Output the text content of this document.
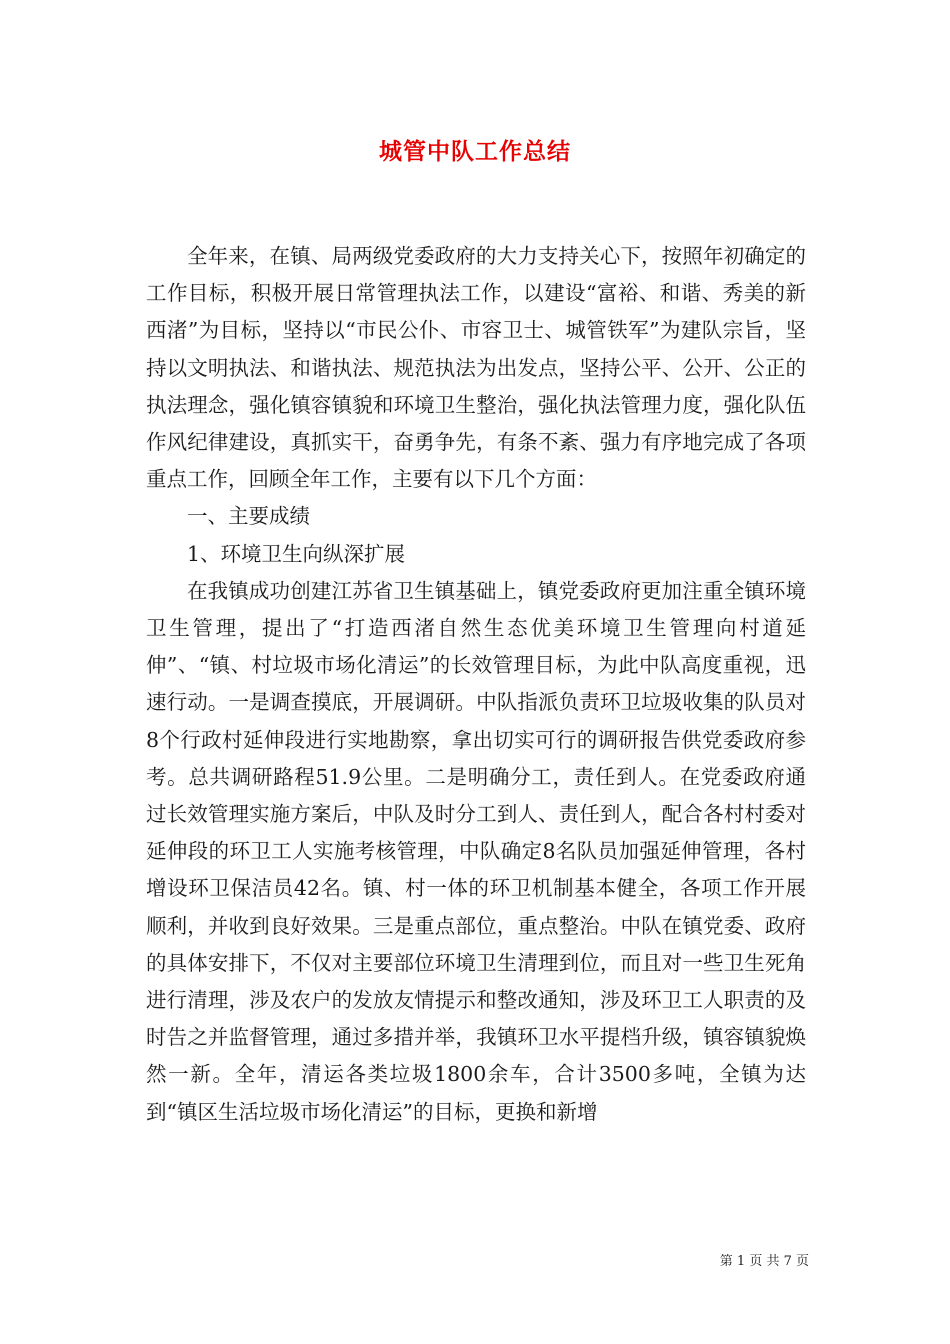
城管中队工作总结

全年来，在镇、局两级党委政府的大力支持关心下，按照年初确定的工作目标，积极开展日常管理执法工作，以建设“富裕、和谐、秀美的新西渚”为目标，坚持以“市民公仆、市容卫士、城管铁军”为建队宗旨，坚持以文明执法、和谐执法、规范执法为出发点，坚持公平、公开、公正的执法理念，强化镇容镇貌和环境卫生整治，强化执法管理力度，强化队伍作风纪律建设，真抓实干，奋勇争先，有条不紊、强力有序地完成了各项重点工作，回顾全年工作，主要有以下几个方面：

一、主要成绩

1、环境卫生向纵深扩展

在我镇成功创建江苏省卫生镇基础上，镇党委政府更加注重全镇环境卫生管理，提出了“打造西渚自然生态优美环境卫生管理向村道延伸”、“镇、村垃圾市场化清运”的长效管理目标，为此中队高度重视，迅速行动。一是调查摸底，开展调研。中队指派负责环卫垃圾收集的队员对8个行政村延伸段进行实地勘察，拿出切实可行的调研报告供党委政府参考。总共调研路程51.9公里。二是明确分工，责任到人。在党委政府通过长效管理实施方案后，中队及时分工到人、责任到人，配合各村村委对延伸段的环卫工人实施考核管理，中队确定8名队员加强延伸管理，各村增设环卫保洁员42名。镇、村一体的环卫机制基本健全，各项工作开展顺利，并收到良好效果。三是重点部位，重点整治。中队在镇党委、政府的具体安排下，不仅对主要部位环境卫生清理到位，而且对一些卫生死角进行清理，涉及农户的发放友情提示和整改通知，涉及环卫工人职责的及时告之并监督管理，通过多措并举，我镇环卫水平提档升级，镇容镇貌焕然一新。全年，清运各类垃圾1800余车，合计3500多吨，全镇为达到“镇区生活垃圾市场化清运”的目标，更换和新增

第 1 页 共 7 页
